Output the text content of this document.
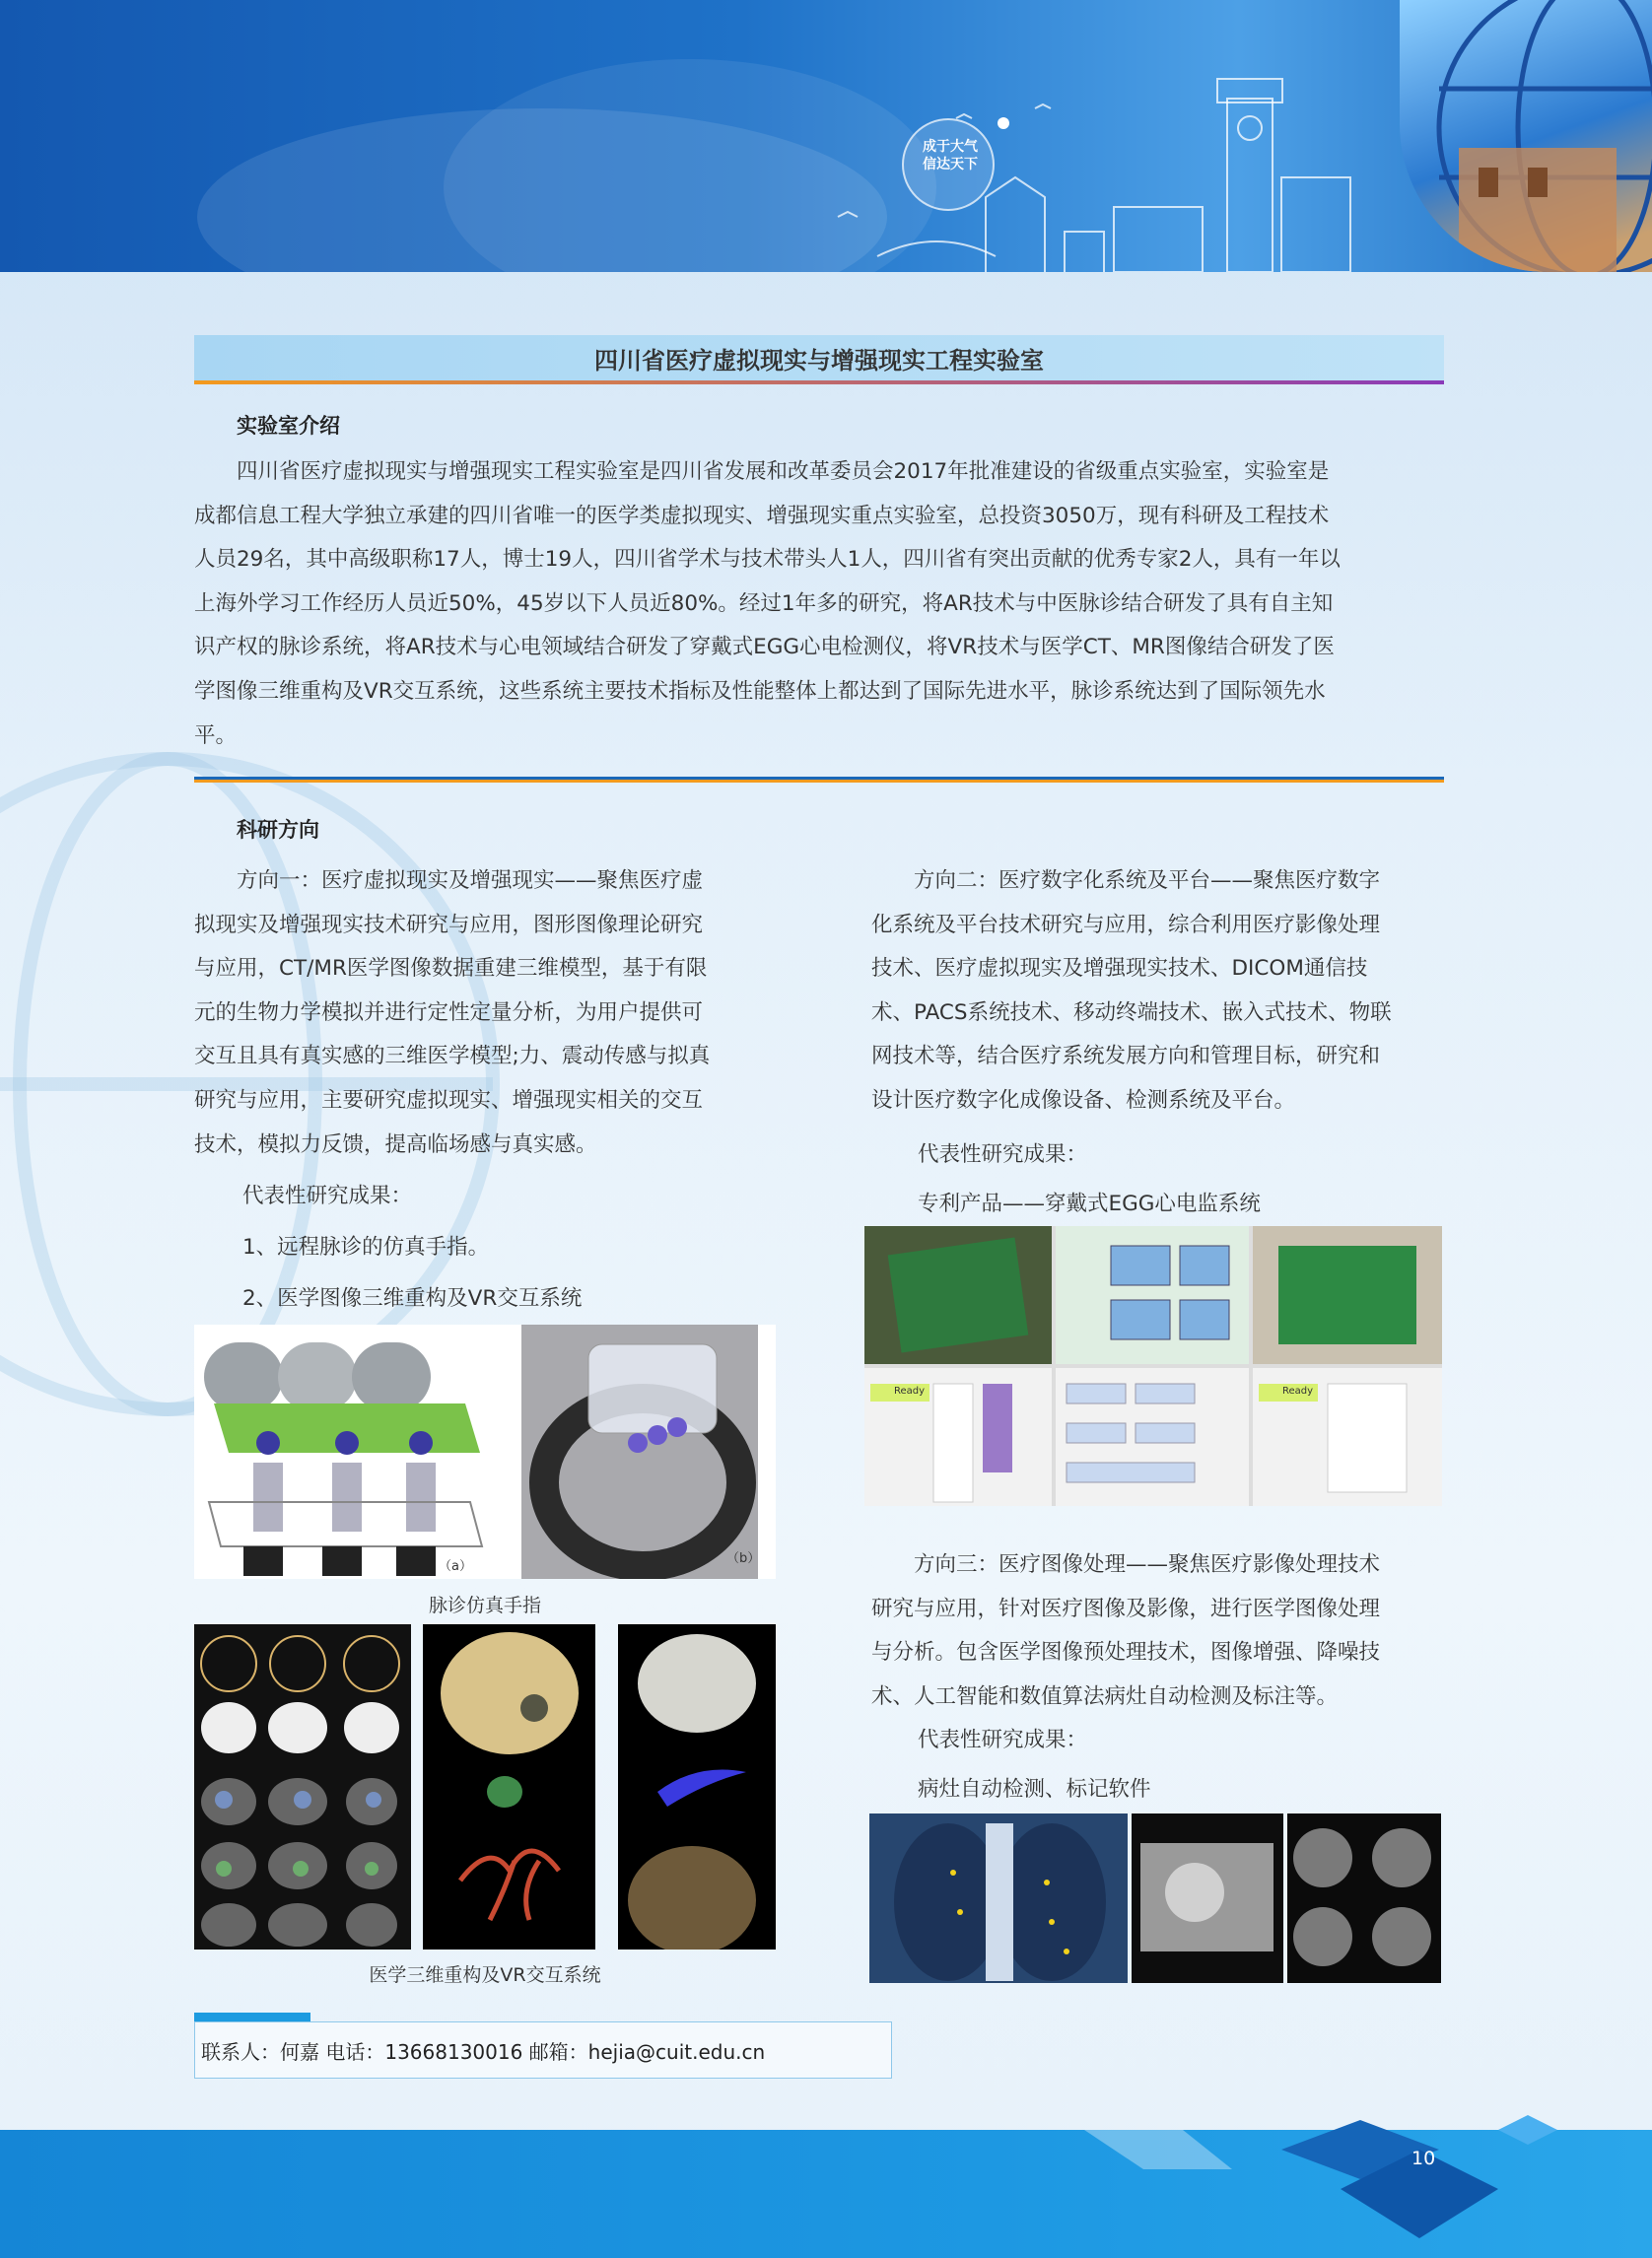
成于大气
信达天下
四川省医疗虚拟现实与增强现实工程实验室
实验室介绍
四川省医疗虚拟现实与增强现实工程实验室是四川省发展和改革委员会2017年批准建设的省级重点实验室，实验室是
成都信息工程大学独立承建的四川省唯一的医学类虚拟现实、增强现实重点实验室，总投资3050万，现有科研及工程技术
人员29名，其中高级职称17人，博士19人，四川省学术与技术带头人1人，四川省有突出贡献的优秀专家2人，具有一年以
上海外学习工作经历人员近50%，45岁以下人员近80%。经过1年多的研究，将AR技术与中医脉诊结合研发了具有自主知
识产权的脉诊系统，将AR技术与心电领域结合研发了穿戴式EGG心电检测仪，将VR技术与医学CT、MR图像结合研发了医
学图像三维重构及VR交互系统，这些系统主要技术指标及性能整体上都达到了国际先进水平，脉诊系统达到了国际领先水
平。
科研方向
方向一：医疗虚拟现实及增强现实——聚焦医疗虚
拟现实及增强现实技术研究与应用，图形图像理论研究
与应用，CT/MR医学图像数据重建三维模型，基于有限
元的生物力学模拟并进行定性定量分析，为用户提供可
交互且具有真实感的三维医学模型;力、震动传感与拟真
研究与应用，主要研究虚拟现实、增强现实相关的交互
技术，模拟力反馈，提高临场感与真实感。
代表性研究成果：
1、远程脉诊的仿真手指。
2、医学图像三维重构及VR交互系统
（a）
（b）
脉诊仿真手指
医学三维重构及VR交互系统
方向二：医疗数字化系统及平台——聚焦医疗数字
化系统及平台技术研究与应用，综合利用医疗影像处理
技术、医疗虚拟现实及增强现实技术、DICOM通信技
术、PACS系统技术、移动终端技术、嵌入式技术、物联
网技术等，结合医疗系统发展方向和管理目标，研究和
设计医疗数字化成像设备、检测系统及平台。
代表性研究成果：
专利产品——穿戴式EGG心电监系统
Ready	Ready
方向三：医疗图像处理——聚焦医疗影像处理技术
研究与应用，针对医疗图像及影像，进行医学图像处理
与分析。包含医学图像预处理技术，图像增强、降噪技
术、人工智能和数值算法病灶自动检测及标注等。
代表性研究成果：
病灶自动检测、标记软件
联系人：何嘉 电话：13668130016 邮箱：hejia@cuit.edu.cn
10
